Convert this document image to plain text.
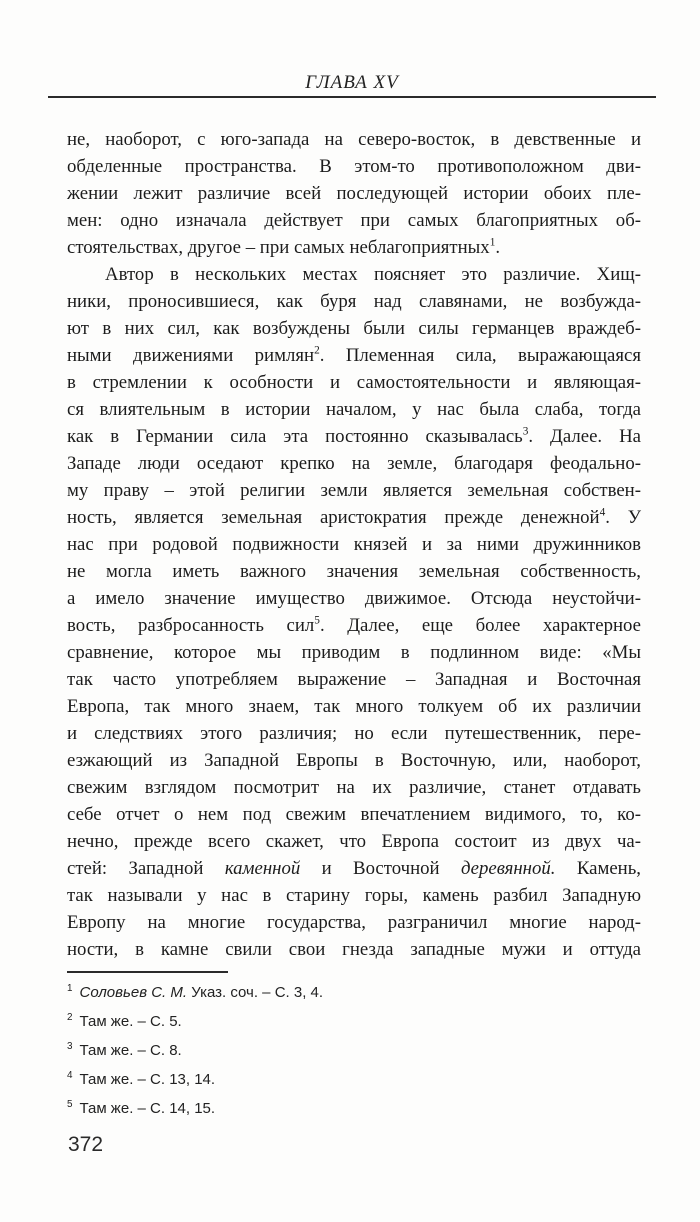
ГЛАВА XV
не, наоборот, с юго-запада на северо-восток, в девственные и
обделенные пространства. В этом-то противоположном дви-
жении лежит различие всей последующей истории обоих пле-
мен: одно изначала действует при самых благоприятных об-
стоятельствах, другое – при самых неблагоприятных$^1$.
Автор в нескольких местах поясняет это различие. Хищ-
ники, проносившиеся, как буря над славянами, не возбужда-
ют в них сил, как возбуждены были силы германцев враждеб-
ными движениями римлян$^2$. Племенная сила, выражающаяся
в стремлении к особности и самостоятельности и являющая-
ся влиятельным в истории началом, у нас была слаба, тогда
как в Германии сила эта постоянно сказывалась$^3$. Далее. На
Западе люди оседают крепко на земле, благодаря феодально-
му праву – этой религии земли является земельная собствен-
ность, является земельная аристократия прежде денежной$^4$. У
нас при родовой подвижности князей и за ними дружинников
не могла иметь важного значения земельная собственность,
а имело значение имущество движимое. Отсюда неустойчи-
вость, разбросанность сил$^5$. Далее, еще более характерное
сравнение, которое мы приводим в подлинном виде: «Мы
так часто употребляем выражение – Западная и Восточная
Европа, так много знаем, так много толкуем об их различии
и следствиях этого различия; но если путешественник, пере-
езжающий из Западной Европы в Восточную, или, наоборот,
свежим взглядом посмотрит на их различие, станет отдавать
себе отчет о нем под свежим впечатлением видимого, то, ко-
нечно, прежде всего скажет, что Европа состоит из двух ча-
стей: Западной каменной и Восточной деревянной. Камень,
так называли у нас в старину горы, камень разбил Западную
Европу на многие государства, разграничил многие народ-
ности, в камне свили свои гнезда западные мужи и оттуда
$^1$ Соловьев С. М. Указ. соч. – С. 3, 4.
$^2$ Там же. – С. 5.
$^3$ Там же. – С. 8.
$^4$ Там же. – С. 13, 14.
$^5$ Там же. – С. 14, 15.
372
